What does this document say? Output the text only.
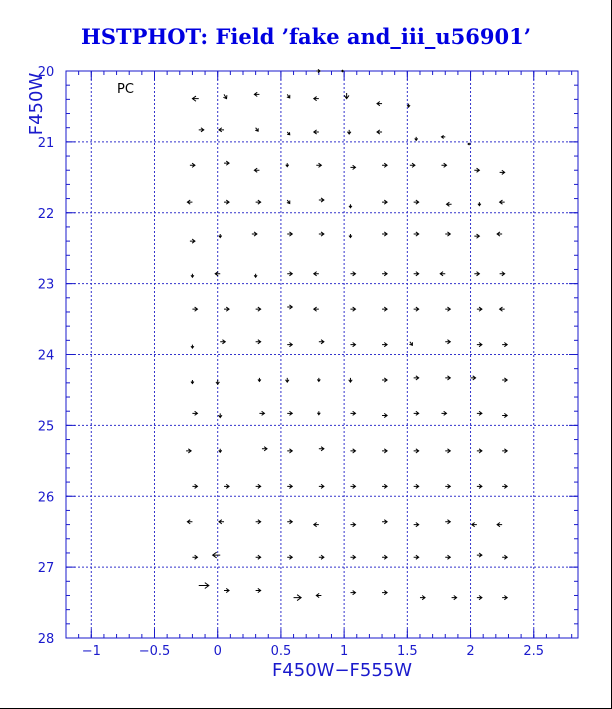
HSTPHOT: Field ’fake and_iii_u56901’
−1	−0.5	0	0.5	1	1.5	2	2.5
20
21
22
23
24
25
26
27
28
F450W−F555W
F450W	PC
